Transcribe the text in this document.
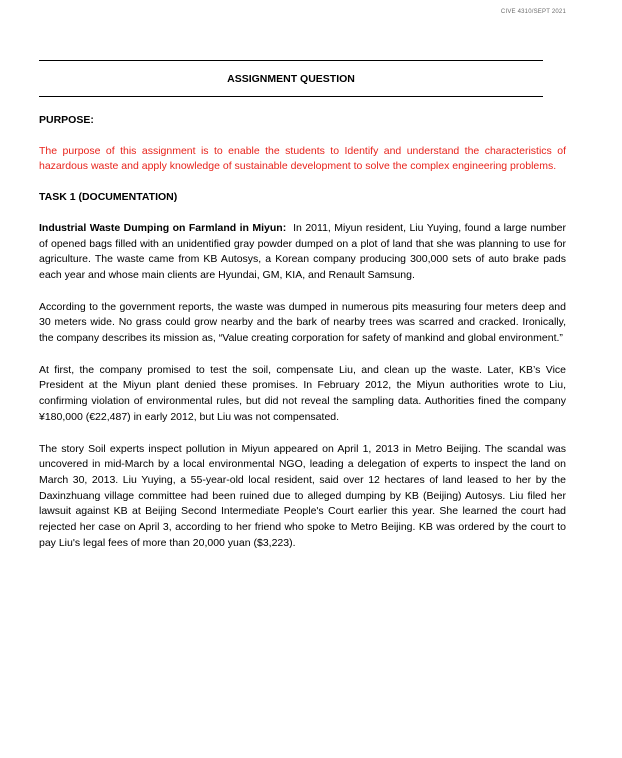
CIVE 4310/SEPT 2021
ASSIGNMENT QUESTION

PURPOSE:

The purpose of this assignment is to enable the students to Identify and understand the characteristics of hazardous waste and apply knowledge of sustainable development to solve the complex engineering problems.

TASK 1 (DOCUMENTATION)

Industrial Waste Dumping on Farmland in Miyun: In 2011, Miyun resident, Liu Yuying, found a large number of opened bags filled with an unidentified gray powder dumped on a plot of land that she was planning to use for agriculture. The waste came from KB Autosys, a Korean company producing 300,000 sets of auto brake pads each year and whose main clients are Hyundai, GM, KIA, and Renault Samsung.

According to the government reports, the waste was dumped in numerous pits measuring four meters deep and 30 meters wide. No grass could grow nearby and the bark of nearby trees was scarred and cracked. Ironically, the company describes its mission as, “Value creating corporation for safety of mankind and global environment.”

At first, the company promised to test the soil, compensate Liu, and clean up the waste. Later, KB’s Vice President at the Miyun plant denied these promises. In February 2012, the Miyun authorities wrote to Liu, confirming violation of environmental rules, but did not reveal the sampling data. Authorities fined the company ¥180,000 (€22,487) in early 2012, but Liu was not compensated.

The story Soil experts inspect pollution in Miyun appeared on April 1, 2013 in Metro Beijing. The scandal was uncovered in mid-March by a local environmental NGO, leading a delegation of experts to inspect the land on March 30, 2013. Liu Yuying, a 55-year-old local resident, said over 12 hectares of land leased to her by the Daxinzhuang village committee had been ruined due to alleged dumping by KB (Beijing) Autosys. Liu filed her lawsuit against KB at Beijing Second Intermediate People's Court earlier this year. She learned the court had rejected her case on April 3, according to her friend who spoke to Metro Beijing. KB was ordered by the court to pay Liu's legal fees of more than 20,000 yuan ($3,223).
